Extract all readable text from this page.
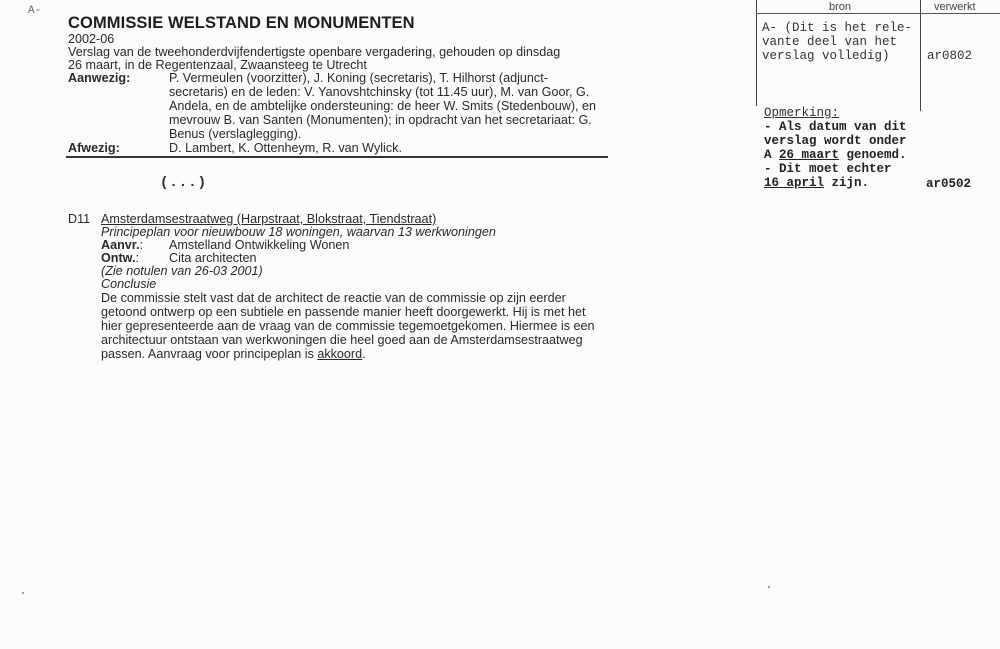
A-
COMMISSIE WELSTAND EN MONUMENTEN
2002-06
Verslag van de tweehonderdvijfendertigste openbare vergadering, gehouden op dinsdag
26 maart, in de Regentenzaal, Zwaansteeg te Utrecht
Aanwezig:	P. Vermeulen (voorzitter), J. Koning (secretaris), T. Hilhorst (adjunct-
secretaris) en de leden: V. Yanovshtchinsky (tot 11.45 uur), M. van Goor, G.
Andela, en de ambtelijke ondersteuning: de heer W. Smits (Stedenbouw), en
mevrouw B. van Santen (Monumenten); in opdracht van het secretariaat: G.
Benus (verslaglegging).
Afwezig:	D. Lambert, K. Ottenheym, R. van Wylick.
(...)
D11 Amsterdamsestraatweg (Harpstraat, Blokstraat, Tiendstraat)
Principeplan voor nieuwbouw 18 woningen, waarvan 13 werkwoningen
Aanvr.: Amstelland Ontwikkeling Wonen
Ontw.: Cita architecten
(Zie notulen van 26-03 2001)
Conclusie
De commissie stelt vast dat de architect de reactie van de commissie op zijn eerder
getoond ontwerp op een subtiele en passende manier heeft doorgewerkt. Hij is met het
hier gepresenteerde aan de vraag van de commissie tegemoetgekomen. Hiermee is een
architectuur ontstaan van werkwoningen die heel goed aan de Amsterdamsestraatweg
passen. Aanvraag voor principeplan is akkoord.
bron	verwerkt
A- (Dit is het rele-
vante deel van het
verslag volledig)	ar0802
Opmerking:
- Als datum van dit
verslag wordt onder
A 26 maart genoemd.
- Dit moet echter
16 april zijn.	ar0502
